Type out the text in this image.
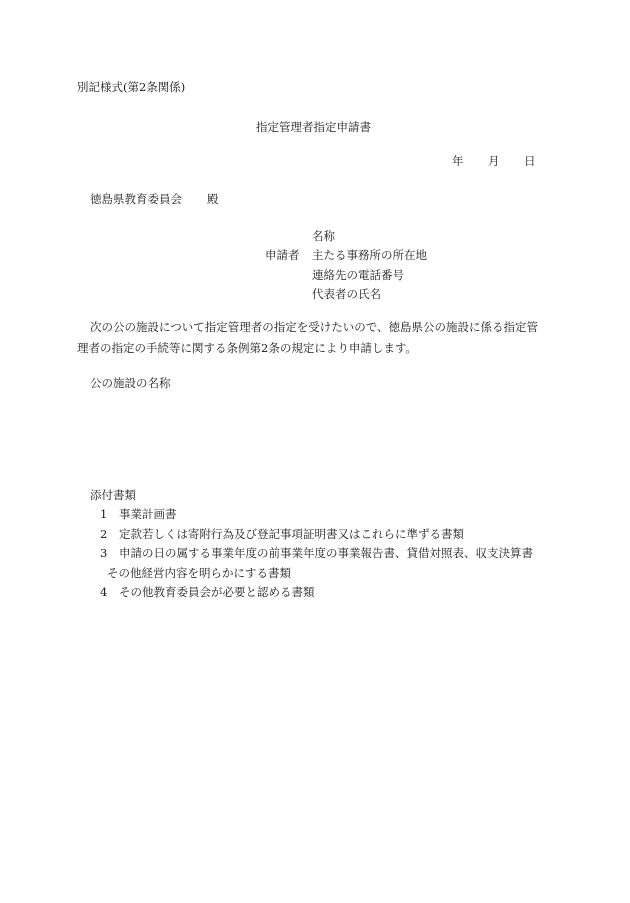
別記様式(第2条関係)
指定管理者指定申請書
年 月 日
徳島県教育委員会 殿
申請者
名称
主たる事務所の所在地
連絡先の電話番号
代表者の氏名
次の公の施設について指定管理者の指定を受けたいので、徳島県公の施設に係る指定管
理者の指定の手続等に関する条例第2条の規定により申請します。
公の施設の名称
添付書類
1 事業計画書
2 定款若しくは寄附行為及び登記事項証明書又はこれらに準ずる書類
3 申請の日の属する事業年度の前事業年度の事業報告書、貸借対照表、収支決算書
その他経営内容を明らかにする書類
4 その他教育委員会が必要と認める書類
